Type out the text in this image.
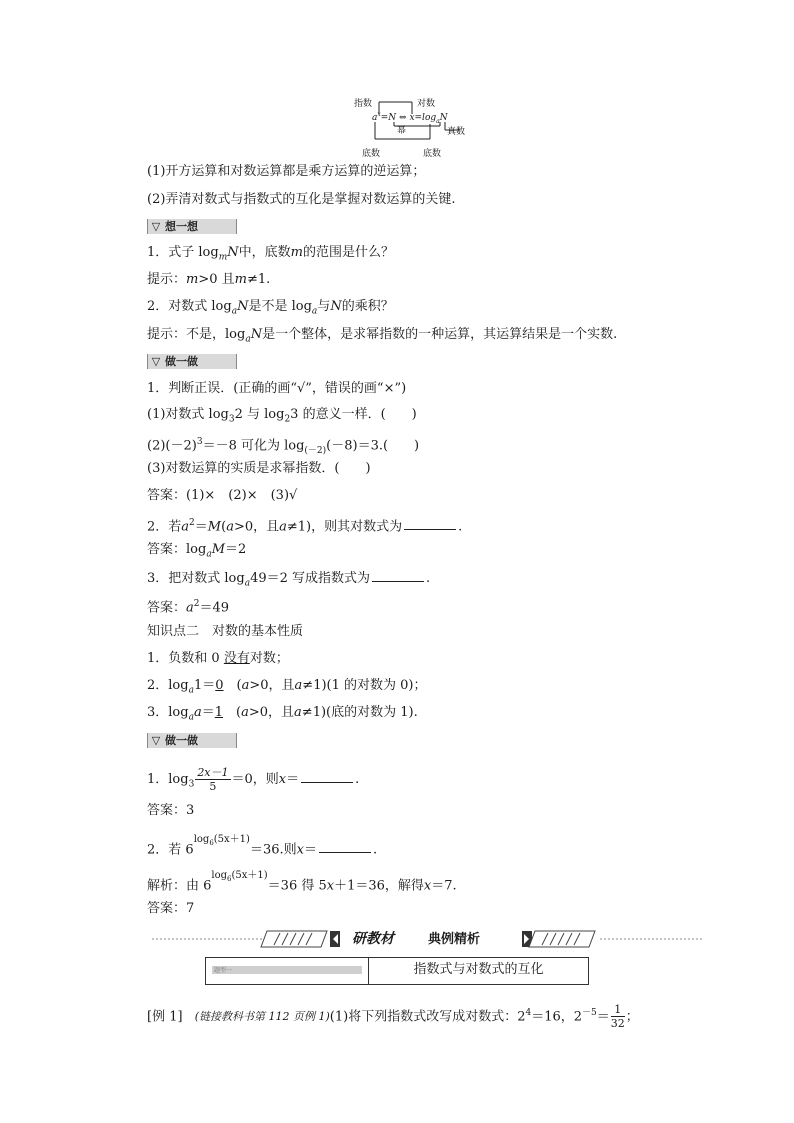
指数	对数
$a^x=N$ ⇔ $x=\log_aN$
幂	真数
底数	底数
(1)开方运算和对数运算都是乘方运算的逆运算；
(2)弄清对数式与指数式的互化是掌握对数运算的关键.
▽ 想一想
1．式子 $\log_mN$中，底数m的范围是什么？
提示：m>0 且m≠1.
2．对数式 $\log_aN$是不是 $\log_a$与N的乘积？
提示：不是，$\log_aN$是一个整体，是求幂指数的一种运算，其运算结果是一个实数.
▽ 做一做
1．判断正误．(正确的画“√”，错误的画“×”)
(1)对数式 $\log_32$ 与 $\log_23$ 的意义一样．(　　)
$(2)(-2)^3=-8$ 可化为 $\log_{(-2)}(-8)=3$.(　　)
(3)对数运算的实质是求幂指数．(　　)
答案：(1)×　(2)×　(3)√
2．若$a^2=M(a>0$，且a≠1)，则其对数式为	.
答案：$\log_aM=2$
3．把对数式 $\log_a49=2$ 写成指数式为	.
答案：$a^2=49$
知识点二　对数的基本性质
1．负数和 0 没有对数；
2．$\log_a1=0$　(a>0，且a≠1)(1 的对数为 0)；
3．$\log_aa=1$　(a>0，且a≠1)(底的对数为 1).
▽ 做一做
1．$\log_3 \frac{2x-1}{5} =0$，则x＝	.
答案：3
2．若 $6^{log_6(5x+1)}=36$.则x＝	.
解析：由 $6^{log_6(5x+1)}=36$ 得 5x＋1＝36，解得x＝7.
答案：7
研教材	典例精析
题型一	指数式与对数式的互化
[例 1] (链接教科书第 112 页例 1)(1)将下列指数式改写成对数式：$2^4=16$，$2^{-5}= \frac{1}{32}$ ；
